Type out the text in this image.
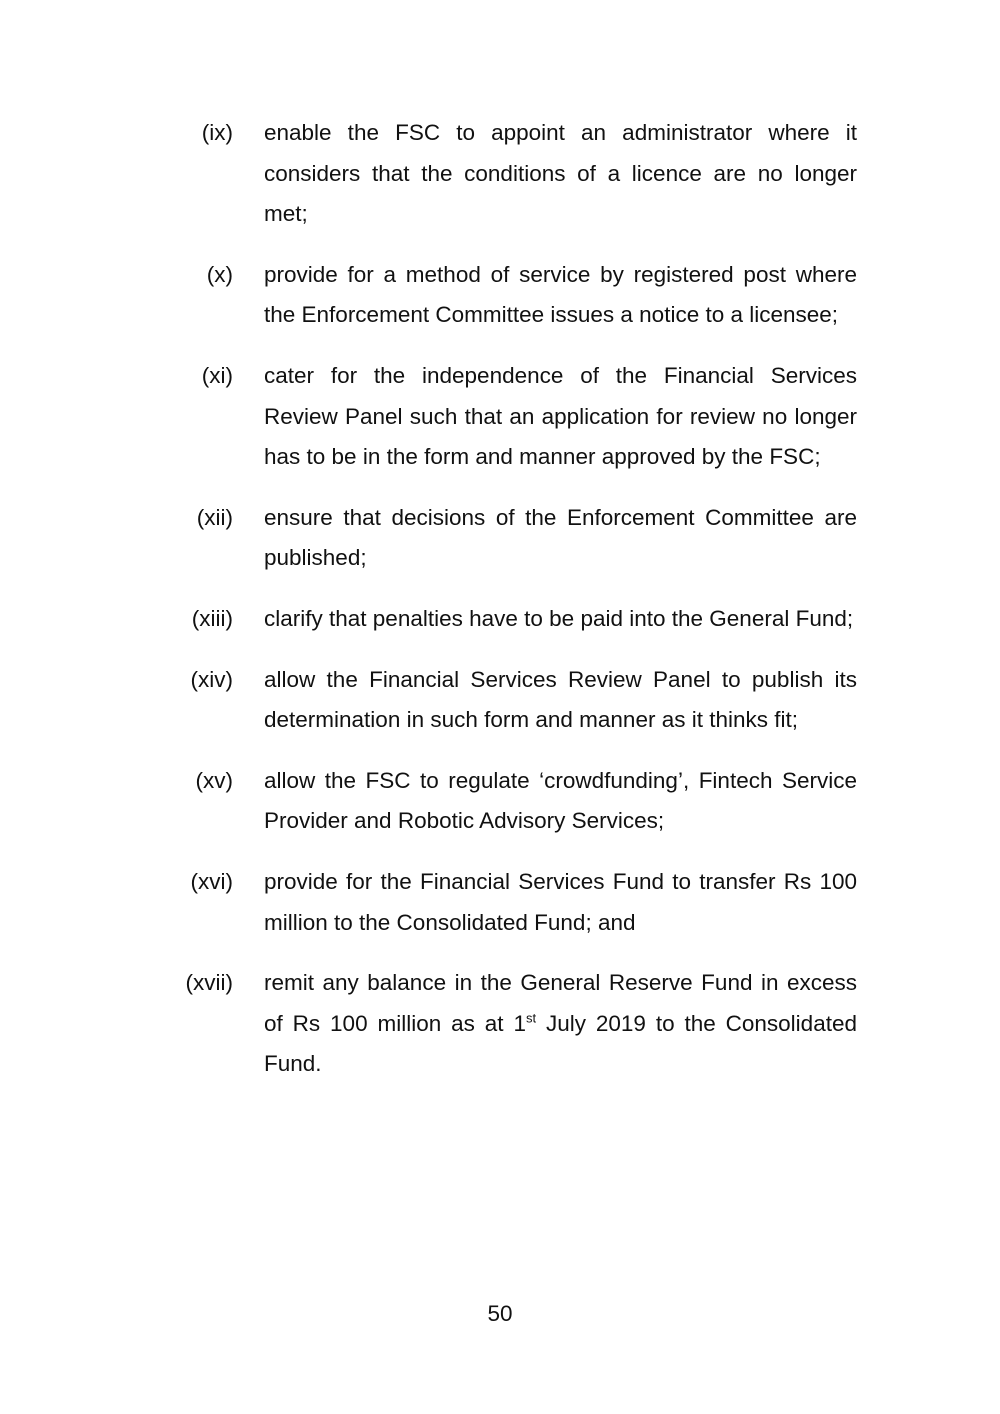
(ix) enable the FSC to appoint an administrator where it considers that the conditions of a licence are no longer met;
(x) provide for a method of service by registered post where the Enforcement Committee issues a notice to a licensee;
(xi) cater for the independence of the Financial Services Review Panel such that an application for review no longer has to be in the form and manner approved by the FSC;
(xii) ensure that decisions of the Enforcement Committee are published;
(xiii) clarify that penalties have to be paid into the General Fund;
(xiv) allow the Financial Services Review Panel to publish its determination in such form and manner as it thinks fit;
(xv) allow the FSC to regulate ‘crowdfunding’, Fintech Service Provider and Robotic Advisory Services;
(xvi) provide for the Financial Services Fund to transfer Rs 100 million to the Consolidated Fund; and
(xvii) remit any balance in the General Reserve Fund in excess of Rs 100 million as at 1st July 2019 to the Consolidated Fund.
50
